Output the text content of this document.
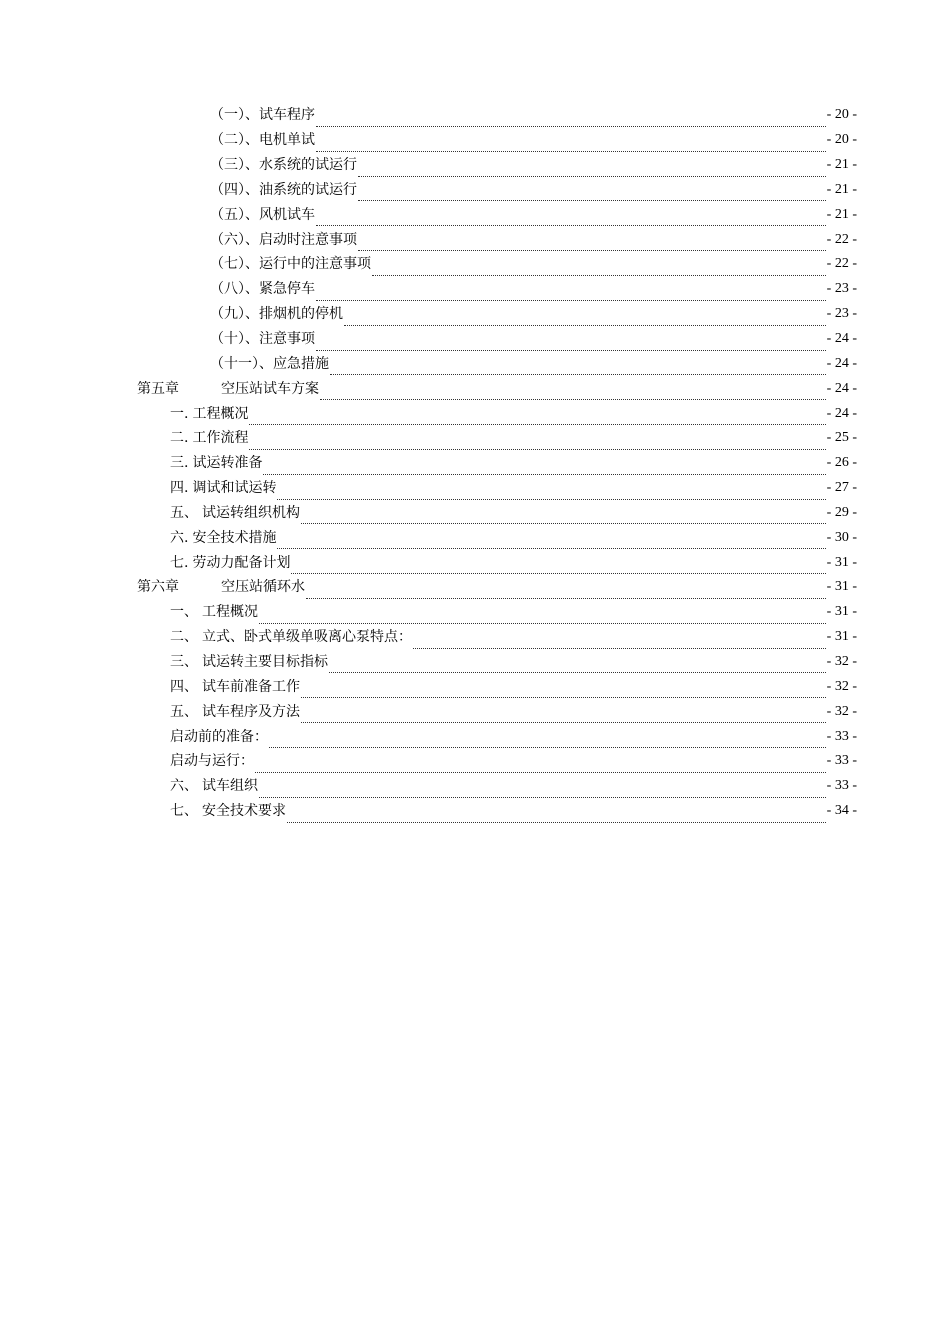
（一）、 试车程序	- 20 -
（二）、 电机单试	- 20 -
（三）、 水系统的试运行	- 21 -
（四）、 油系统的试运行	- 21 -
（五）、 风机试车	- 21 -
（六）、 启动时注意事项	- 22 -
（七）、 运行中的注意事项	- 22 -
（八）、 紧急停车	- 23 -
（九）、 排烟机的停机	- 23 -
（十）、 注意事项	- 24 -
（十一）、 应急措施	- 24 -
第五章	空压站试车方案	- 24 -
一. 工程概况	- 24 -
二. 工作流程	- 25 -
三. 试运转准备	- 26 -
四. 调试和试运转	- 27 -
五、 试运转组织机构	- 29 -
六. 安全技术措施	- 30 -
七. 劳动力配备计划	- 31 -
第六章	空压站循环水	- 31 -
一、 工程概况	- 31 -
二、 立式、卧式单级单吸离心泵特点：	- 31 -
三、 试运转主要目标指标	- 32 -
四、 试车前准备工作	- 32 -
五、 试车程序及方法	- 32 -
启动前的准备：	- 33 -
启动与运行：	- 33 -
六、 试车组织	- 33 -
七、 安全技术要求	- 34 -
